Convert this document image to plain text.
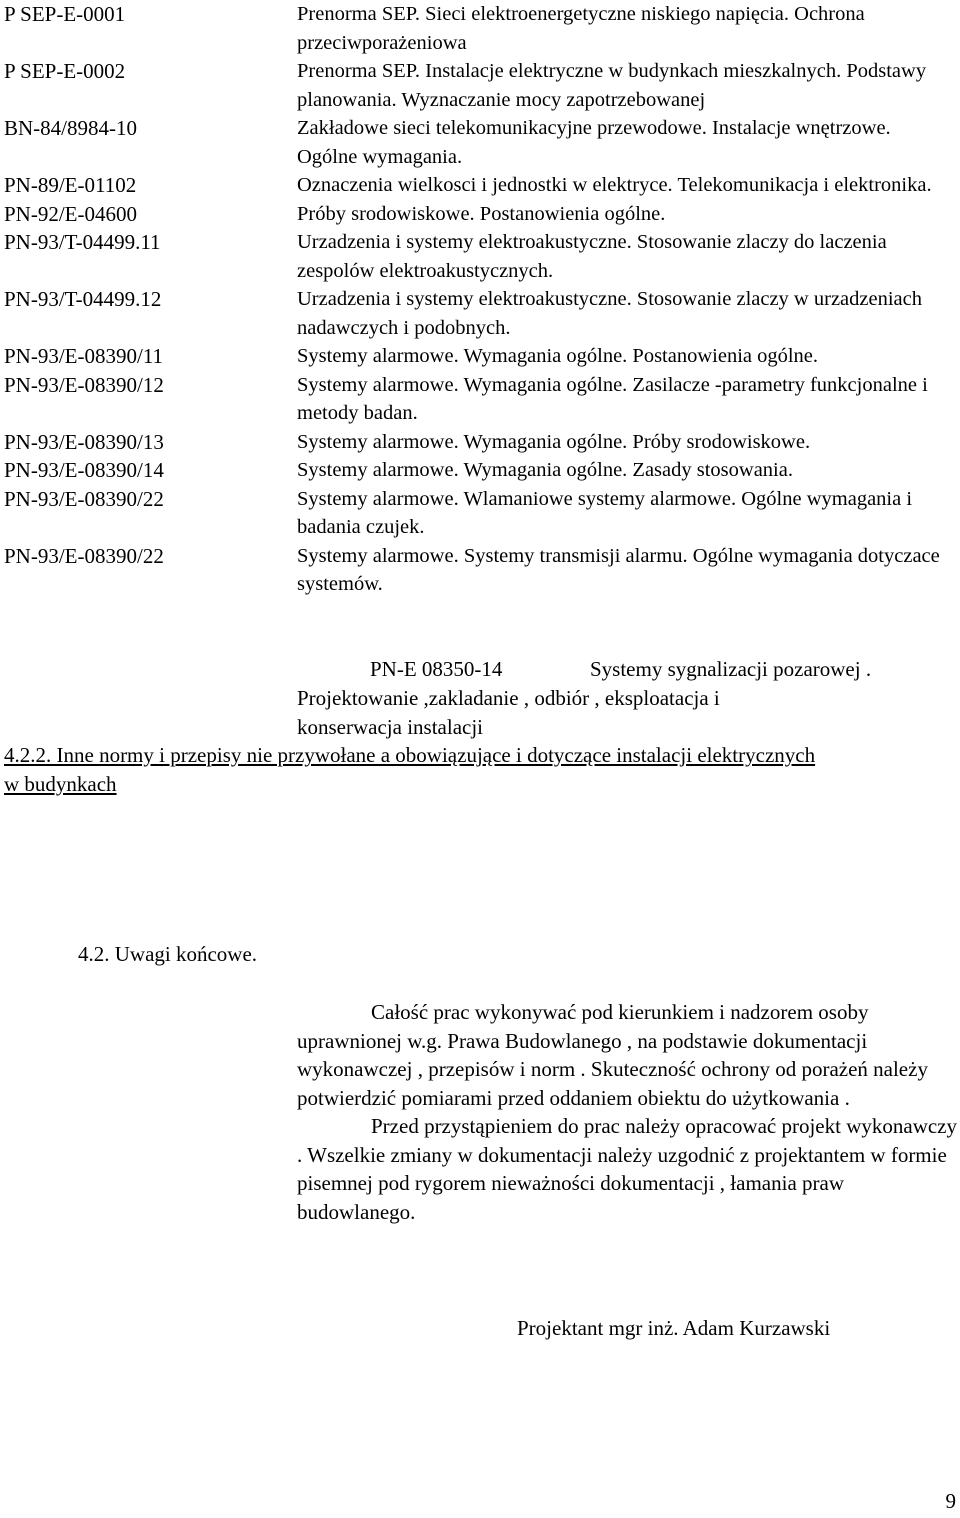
P SEP-E-0001	Prenorma SEP. Sieci elektroenergetyczne niskiego napięcia. Ochrona przeciwporażeniowa
P SEP-E-0002	Prenorma SEP. Instalacje elektryczne w budynkach mieszkalnych. Podstawy planowania. Wyznaczanie mocy zapotrzebowanej
BN-84/8984-10	Zakładowe sieci telekomunikacyjne przewodowe. Instalacje wnętrzowe. Ogólne wymagania.
PN-89/E-01102	Oznaczenia wielkosci i jednostki w elektryce. Telekomunikacja i elektronika.
PN-92/E-04600	Próby srodowiskowe. Postanowienia ogólne.
PN-93/T-04499.11	Urzadzenia i systemy elektroakustyczne. Stosowanie zlaczy do laczenia zespolów elektroakustycznych.
PN-93/T-04499.12	Urzadzenia i systemy elektroakustyczne. Stosowanie zlaczy w urzadzeniach nadawczych i podobnych.
PN-93/E-08390/11	Systemy alarmowe. Wymagania ogólne. Postanowienia ogólne.
PN-93/E-08390/12	Systemy alarmowe. Wymagania ogólne. Zasilacze -parametry funkcjonalne i metody badan.
PN-93/E-08390/13	Systemy alarmowe. Wymagania ogólne. Próby srodowiskowe.
PN-93/E-08390/14	Systemy alarmowe. Wymagania ogólne. Zasady stosowania.
PN-93/E-08390/22	Systemy alarmowe. Wlamaniowe systemy alarmowe. Ogólne wymagania i badania czujek.
PN-93/E-08390/22	Systemy alarmowe. Systemy transmisji alarmu. Ogólne wymagania dotyczace systemów.
PN-E 08350-14	Systemy sygnalizacji pozarowej .
Projektowanie ,zakladanie , odbiór , eksploatacja i
konserwacja instalacji
4.2.2. Inne normy i przepisy nie przywołane a obowiązujące i dotyczące instalacji elektrycznych w budynkach
4.2. Uwagi końcowe.

Całość prac wykonywać pod kierunkiem i nadzorem osoby uprawnionej w.g. Prawa Budowlanego , na podstawie dokumentacji wykonawczej , przepisów i norm . Skuteczność ochrony od porażeń należy potwierdzić pomiarami przed oddaniem obiektu do użytkowania .

Przed przystąpieniem do prac należy opracować projekt wykonawczy . Wszelkie zmiany w dokumentacji należy uzgodnić z projektantem w formie pisemnej pod rygorem nieważności dokumentacji , łamania praw budowlanego.

Projektant mgr inż. Adam Kurzawski
9
